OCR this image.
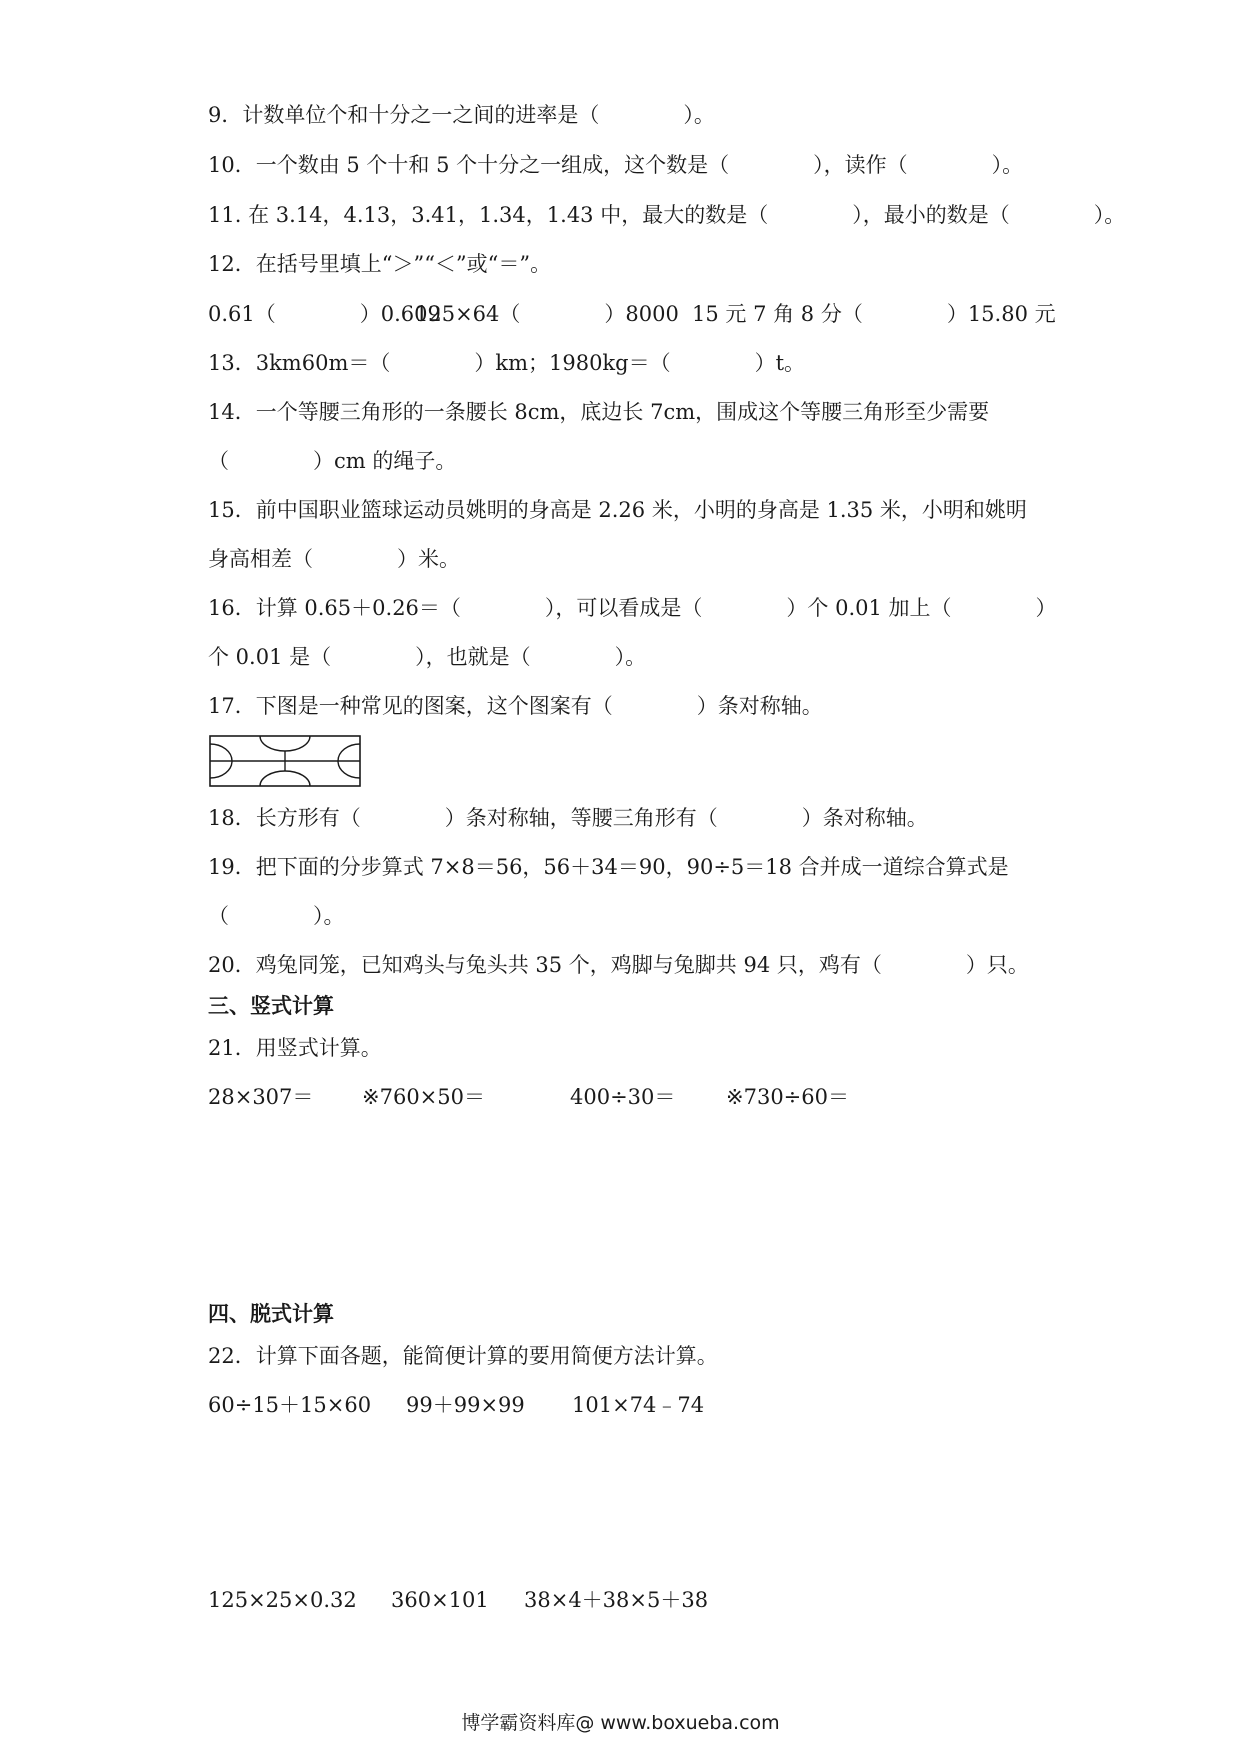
9．计数单位个和十分之一之间的进率是（　　　　）。
10．一个数由 5 个十和 5 个十分之一组成，这个数是（　　　　），读作（　　　　）。
11. 在 3.14，4.13，3.41，1.34，1.43 中，最大的数是（　　　　），最小的数是（　　　　）。
12．在括号里填上“＞”“＜”或“＝”。
0.61（　　　　）0.609
125×64（　　　　）8000 15 元 7 角 8 分（　　　　）15.80 元
13．3km60m＝（　　　　）km；1980kg＝（　　　　）t。
14．一个等腰三角形的一条腰长 8cm，底边长 7cm，围成这个等腰三角形至少需要
（　　　　）cm 的绳子。
15．前中国职业篮球运动员姚明的身高是 2.26 米，小明的身高是 1.35 米，小明和姚明
身高相差（　　　　）米。
16．计算 0.65＋0.26＝（　　　　），可以看成是（　　　　）个 0.01 加上（　　　　）
个 0.01 是（　　　　），也就是（　　　　）。
17．下图是一种常见的图案，这个图案有（　　　　）条对称轴。
18．长方形有（　　　　）条对称轴，等腰三角形有（　　　　）条对称轴。
19．把下面的分步算式 7×8＝56，56＋34＝90，90÷5＝18 合并成一道综合算式是
（　　　　）。
20．鸡兔同笼，已知鸡头与兔头共 35 个，鸡脚与兔脚共 94 只，鸡有（　　　　）只。
三、竖式计算
21．用竖式计算。
28×307＝ ※760×50＝	400÷30＝ ※730÷60＝
四、脱式计算
22．计算下面各题，能简便计算的要用简便方法计算。
60÷15＋15×60 99＋99×99 101×74﹣74
125×25×0.32 360×101 38×4＋38×5＋38
博学霸资料库@ www.boxueba.com
